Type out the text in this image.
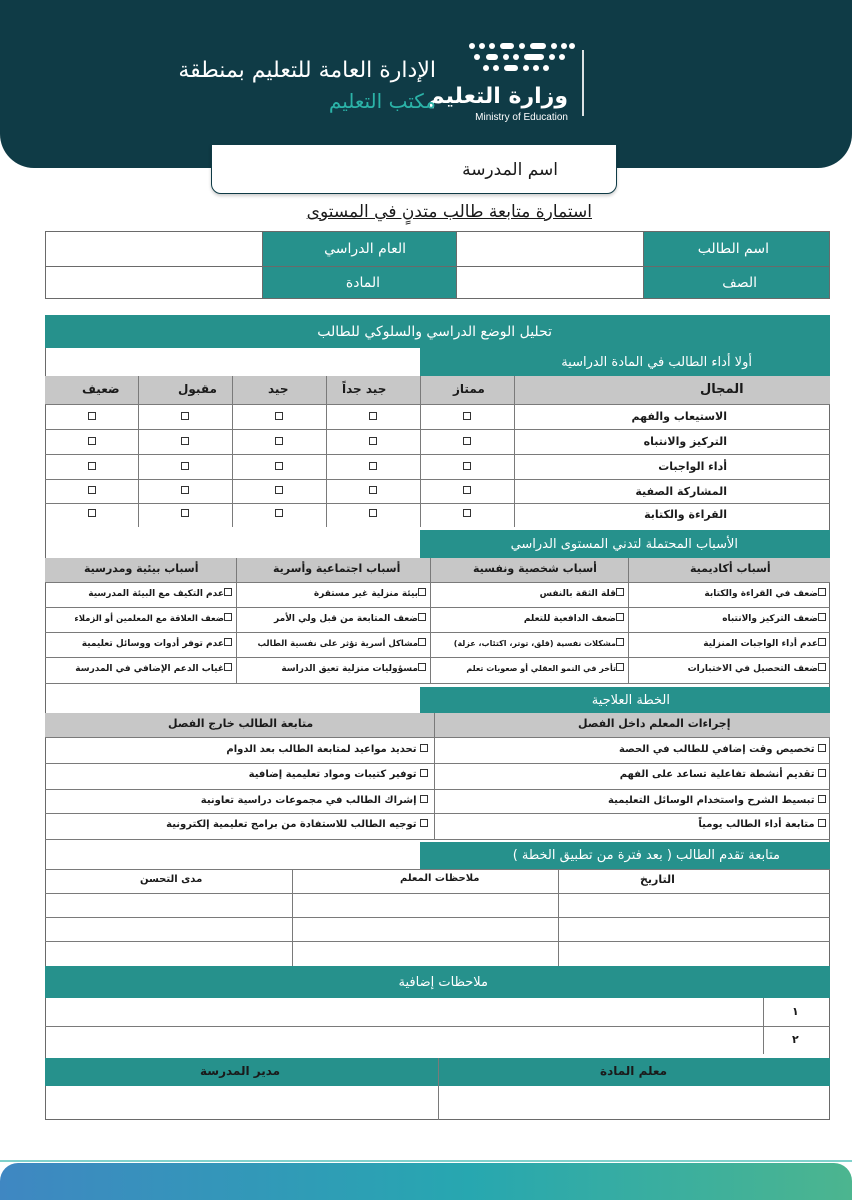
وزارة التعليم
Ministry of Education
الإدارة العامة للتعليم بمنطقة
مكتب التعليم
اسم المدرسة
استمارة متابعة طالب متدنٍ في المستوى
اسم الطالب
العام الدراسي
الصف
المادة
تحليل الوضع الدراسي والسلوكي للطالب
أولا أداء الطالب في المادة الدراسية
المجال
ممتاز
جيد جداً
جيد
مقبول
ضعيف
الاستيعاب والفهم
التركيز والانتباه
أداء الواجبات
المشاركة الصفية
القراءة والكتابة
الأسباب المحتملة لتدني المستوى الدراسي
أسباب أكاديمية
أسباب شخصية ونفسية
أسباب اجتماعية وأسرية
أسباب بيئية ومدرسية
ضعف في القراءة والكتابة
ضعف التركيز والانتباه
عدم أداء الواجبات المنزلية
ضعف التحصيل في الاختبارات
قلة الثقة بالنفس
ضعف الدافعية للتعلم
مشكلات نفسية (قلق، توتر، اكتئاب، عزلة)
تأخر في النمو العقلي أو صعوبات تعلم
بيئة منزلية غير مستقرة
ضعف المتابعة من قبل ولي الأمر
مشاكل أسرية تؤثر على نفسية الطالب
مسؤوليات منزلية تعيق الدراسة
عدم التكيف مع البيئة المدرسية
ضعف العلاقة مع المعلمين أو الزملاء
عدم توفر أدوات ووسائل تعليمية
غياب الدعم الإضافي في المدرسة
الخطة العلاجية
إجراءات المعلم داخل الفصل
متابعة الطالب خارج الفصل
تخصيص وقت إضافي للطالب في الحصة
تقديم أنشطة تفاعلية تساعد على الفهم
تبسيط الشرح واستخدام الوسائل التعليمية
متابعة أداء الطالب يومياً
تحديد مواعيد لمتابعة الطالب بعد الدوام
توفير كتيبات ومواد تعليمية إضافية
إشراك الطالب في مجموعات دراسية تعاونية
توجيه الطالب للاستفادة من برامج تعليمية إلكترونية
متابعة تقدم الطالب ( بعد فترة من تطبيق الخطة )
التاريخ
ملاحظات المعلم
مدى التحسن
ملاحظات إضافية
١
٢
معلم المادة
مدير المدرسة
